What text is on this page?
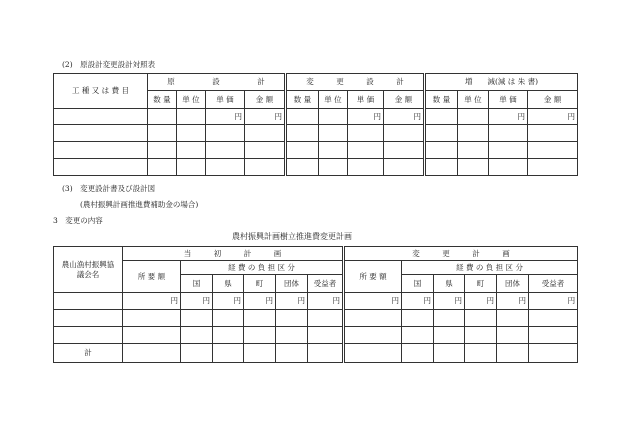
(2)　原設計変更設計対照表
工 種 又 は 費 目	原　　　　　設　　　　　計				変　　　更　　　設　　　計				増　　減(減 は 朱 書)			
	数 量	単 位	単 価	金 額	数 量	単 位	単 価	金 額	数 量	単 位	単 価	金 額
			円	円			円	円			円	円

(3)　変更設計書及び設計図
(農村振興計画推進費補助金の場合)
3　変更の内容
農村振興計画樹立推進費変更計画
農山漁村振興協議会名	当　　　初　　　計　　　画						変　　　更　　　計　　　画					
	所 要 額	経 費 の 負 担 区 分					所 要 額	経 費 の 負 担 区 分				
		国	県	町	団体	受益者		国	県	町	団体	受益者
	円	円	円	円	円	円	円	円	円	円	円	円

計												
